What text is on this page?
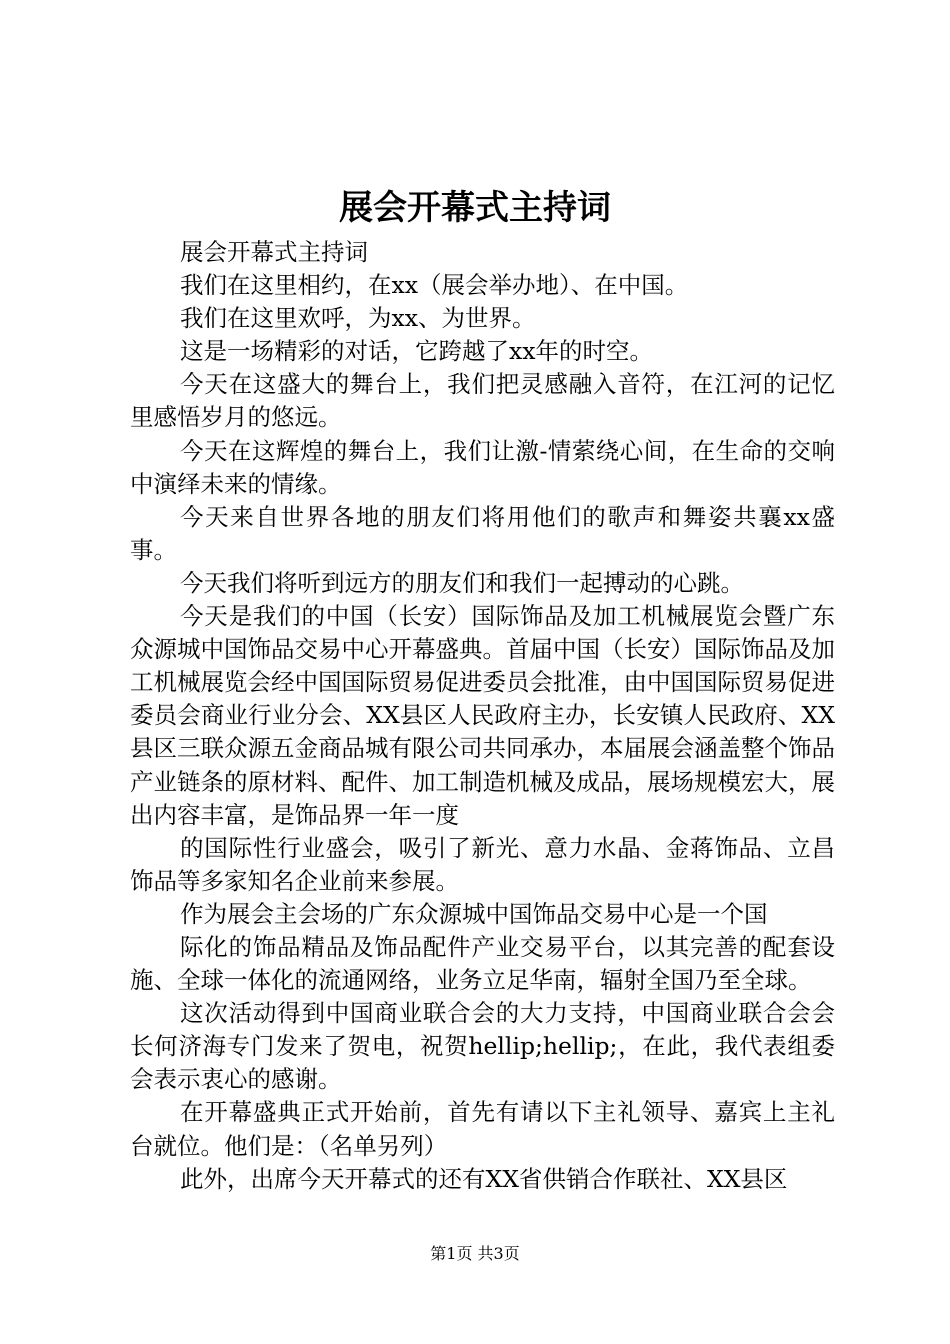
展会开幕式主持词

展会开幕式主持词

我们在这里相约，在xx（展会举办地）、在中国。

我们在这里欢呼，为xx、为世界。

这是一场精彩的对话，它跨越了xx年的时空。

今天在这盛大的舞台上，我们把灵感融入音符，在江河的记忆里感悟岁月的悠远。

今天在这辉煌的舞台上，我们让激-情萦绕心间，在生命的交响中演绎未来的情缘。

今天来自世界各地的朋友们将用他们的歌声和舞姿共襄xx盛事。

今天我们将听到远方的朋友们和我们一起搏动的心跳。

今天是我们的中国（长安）国际饰品及加工机械展览会暨广东众源城中国饰品交易中心开幕盛典。首届中国（长安）国际饰品及加工机械展览会经中国国际贸易促进委员会批准，由中国国际贸易促进委员会商业行业分会、XX县区人民政府主办，长安镇人民政府、XX县区三联众源五金商品城有限公司共同承办，本届展会涵盖整个饰品产业链条的原材料、配件、加工制造机械及成品，展场规模宏大，展出内容丰富，是饰品界一年一度

的国际性行业盛会，吸引了新光、意力水晶、金蒋饰品、立昌饰品等多家知名企业前来参展。

作为展会主会场的广东众源城中国饰品交易中心是一个国

际化的饰品精品及饰品配件产业交易平台，以其完善的配套设施、全球一体化的流通网络，业务立足华南，辐射全国乃至全球。

这次活动得到中国商业联合会的大力支持，中国商业联合会会长何济海专门发来了贺电，祝贺hellip;hellip;，在此，我代表组委会表示衷心的感谢。

在开幕盛典正式开始前，首先有请以下主礼领导、嘉宾上主礼台就位。他们是：（名单另列）

此外，出席今天开幕式的还有XX省供销合作联社、XX县区

第1页 共3页
